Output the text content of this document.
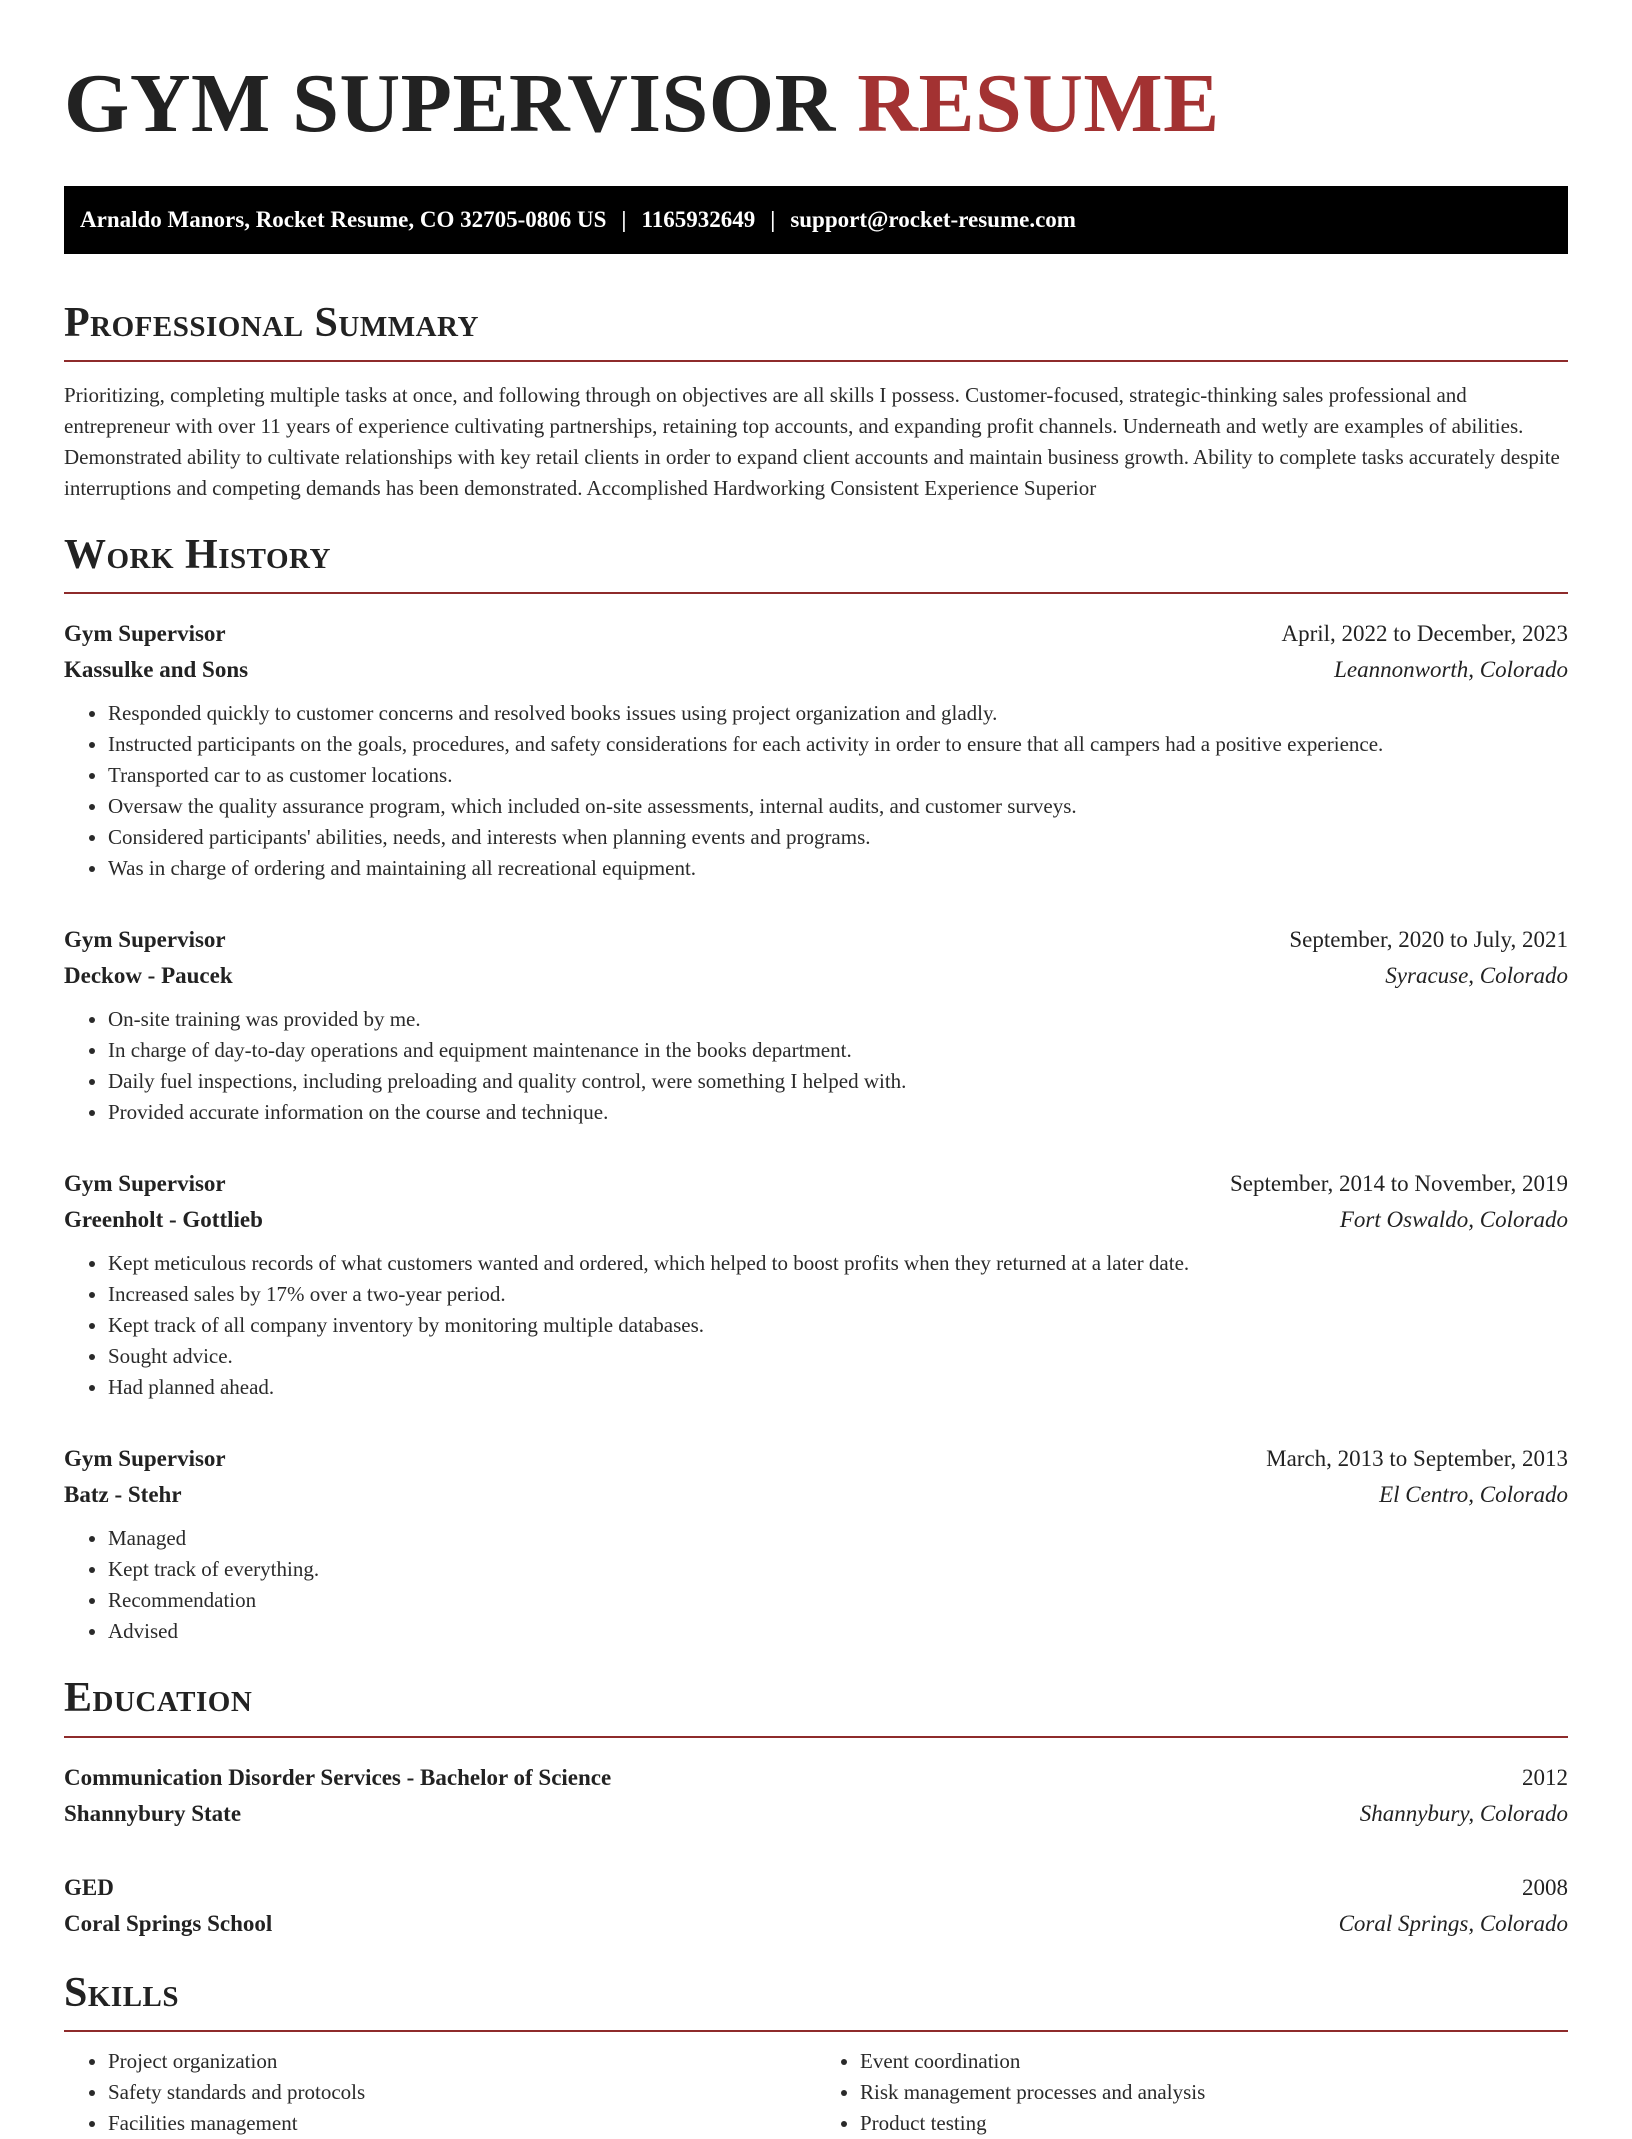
GYM SUPERVISOR RESUME
Arnaldo Manors, Rocket Resume, CO 32705-0806 US | 1165932649 | support@rocket-resume.com
Professional Summary

Prioritizing, completing multiple tasks at once, and following through on objectives are all skills I possess. Customer-focused, strategic-thinking sales professional and entrepreneur with over 11 years of experience cultivating partnerships, retaining top accounts, and expanding profit channels. Underneath and wetly are examples of abilities. Demonstrated ability to cultivate relationships with key retail clients in order to expand client accounts and maintain business growth. Ability to complete tasks accurately despite interruptions and competing demands has been demonstrated. Accomplished Hardworking Consistent Experience Superior

Work History
Gym Supervisor	April, 2022 to December, 2023
Kassulke and Sons	Leannonworth, Colorado
• Responded quickly to customer concerns and resolved books issues using project organization and gladly.
• Instructed participants on the goals, procedures, and safety considerations for each activity in order to ensure that all campers had a positive experience.
• Transported car to as customer locations.
• Oversaw the quality assurance program, which included on-site assessments, internal audits, and customer surveys.
• Considered participants' abilities, needs, and interests when planning events and programs.
• Was in charge of ordering and maintaining all recreational equipment.
Gym Supervisor	September, 2020 to July, 2021
Deckow - Paucek	Syracuse, Colorado
• On-site training was provided by me.
• In charge of day-to-day operations and equipment maintenance in the books department.
• Daily fuel inspections, including preloading and quality control, were something I helped with.
• Provided accurate information on the course and technique.
Gym Supervisor	September, 2014 to November, 2019
Greenholt - Gottlieb	Fort Oswaldo, Colorado
• Kept meticulous records of what customers wanted and ordered, which helped to boost profits when they returned at a later date.
• Increased sales by 17% over a two-year period.
• Kept track of all company inventory by monitoring multiple databases.
• Sought advice.
• Had planned ahead.
Gym Supervisor	March, 2013 to September, 2013
Batz - Stehr	El Centro, Colorado
• Managed
• Kept track of everything.
• Recommendation
• Advised
Education
Communication Disorder Services - Bachelor of Science	2012
Shannybury State	Shannybury, Colorado
GED	2008
Coral Springs School	Coral Springs, Colorado
Skills
• Project organization
• Safety standards and protocols
• Facilities management
• Event coordination
• Risk management processes and analysis
• Product testing
